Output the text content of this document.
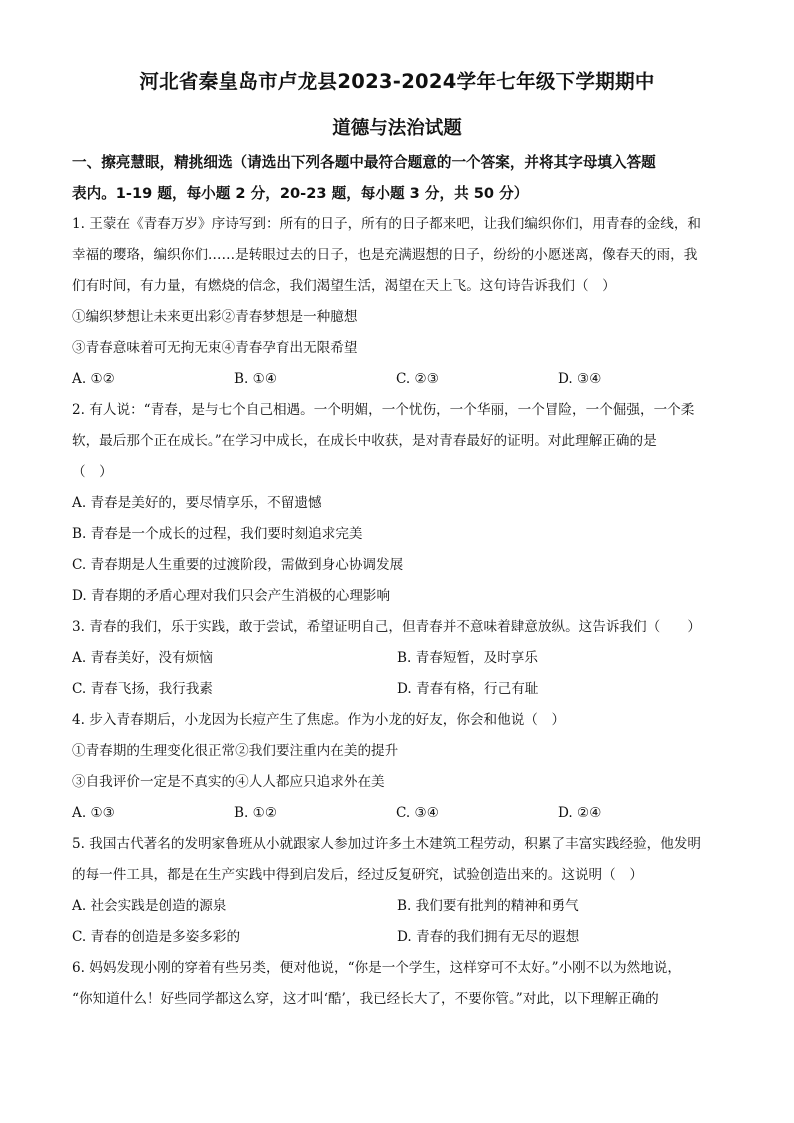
河北省秦皇岛市卢龙县2023-2024学年七年级下学期期中
道德与法治试题
一、擦亮慧眼，精挑细选（请选出下列各题中最符合题意的一个答案，并将其字母填入答题
表内。1-19 题，每小题 2 分，20-23 题，每小题 3 分，共 50 分）
1. 王蒙在《青春万岁》序诗写到：所有的日子，所有的日子都来吧，让我们编织你们，用青春的金线，和
幸福的璎珞，编织你们……是转眼过去的日子，也是充满遐想的日子，纷纷的小愿迷离，像春天的雨，我
们有时间，有力量，有燃烧的信念，我们渴望生活，渴望在天上飞。这句诗告诉我们（　）
①编织梦想让未来更出彩②青春梦想是一种臆想
③青春意味着可无拘无束④青春孕育出无限希望
A. ①②	B. ①④	C. ②③	D. ③④
2. 有人说：“青春，是与七个自己相遇。一个明媚，一个忧伤，一个华丽，一个冒险，一个倔强，一个柔
软，最后那个正在成长。”在学习中成长，在成长中收获，是对青春最好的证明。对此理解正确的是
（　）
A. 青春是美好的，要尽情享乐，不留遗憾
B. 青春是一个成长的过程，我们要时刻追求完美
C. 青春期是人生重要的过渡阶段，需做到身心协调发展
D. 青春期的矛盾心理对我们只会产生消极的心理影响
3. 青春的我们，乐于实践，敢于尝试，希望证明自己，但青春并不意味着肆意放纵。这告诉我们（　　）
A. 青春美好，没有烦恼	B. 青春短暂，及时享乐
C. 青春飞扬，我行我素	D. 青春有格，行己有耻
4. 步入青春期后，小龙因为长痘产生了焦虑。作为小龙的好友，你会和他说（　）
①青春期的生理变化很正常②我们要注重内在美的提升
③自我评价一定是不真实的④人人都应只追求外在美
A. ①③	B. ①②	C. ③④	D. ②④
5. 我国古代著名的发明家鲁班从小就跟家人参加过许多土木建筑工程劳动，积累了丰富实践经验，他发明
的每一件工具，都是在生产实践中得到启发后，经过反复研究，试验创造出来的。这说明（　）
A. 社会实践是创造的源泉	B. 我们要有批判的精神和勇气
C. 青春的创造是多姿多彩的	D. 青春的我们拥有无尽的遐想
6. 妈妈发现小刚的穿着有些另类，便对他说，“你是一个学生，这样穿可不太好。”小刚不以为然地说，
“你知道什么！好些同学都这么穿，这才叫‘酷’，我已经长大了，不要你管。”对此，以下理解正确的
